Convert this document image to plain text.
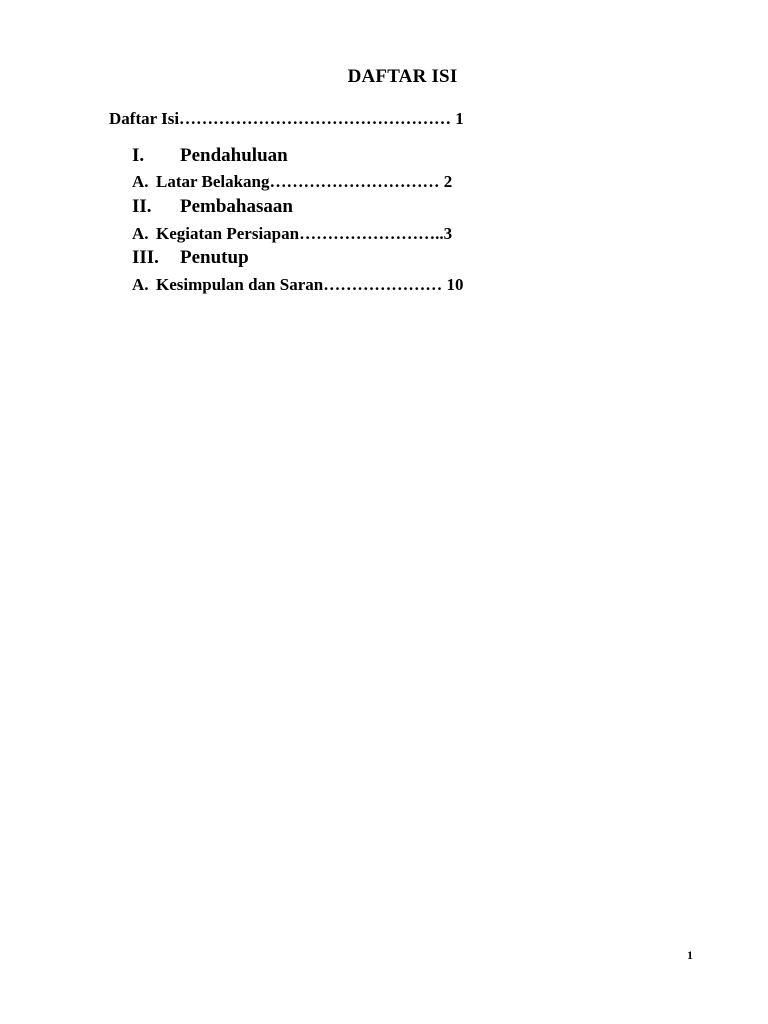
DAFTAR ISI
Daftar Isi………………………………………… 1
I. Pendahuluan
A. Latar Belakang………………………… 2
II. Pembahasaan
A. Kegiatan Persiapan……………………..3
III. Penutup
A. Kesimpulan dan Saran………………… 10
1
